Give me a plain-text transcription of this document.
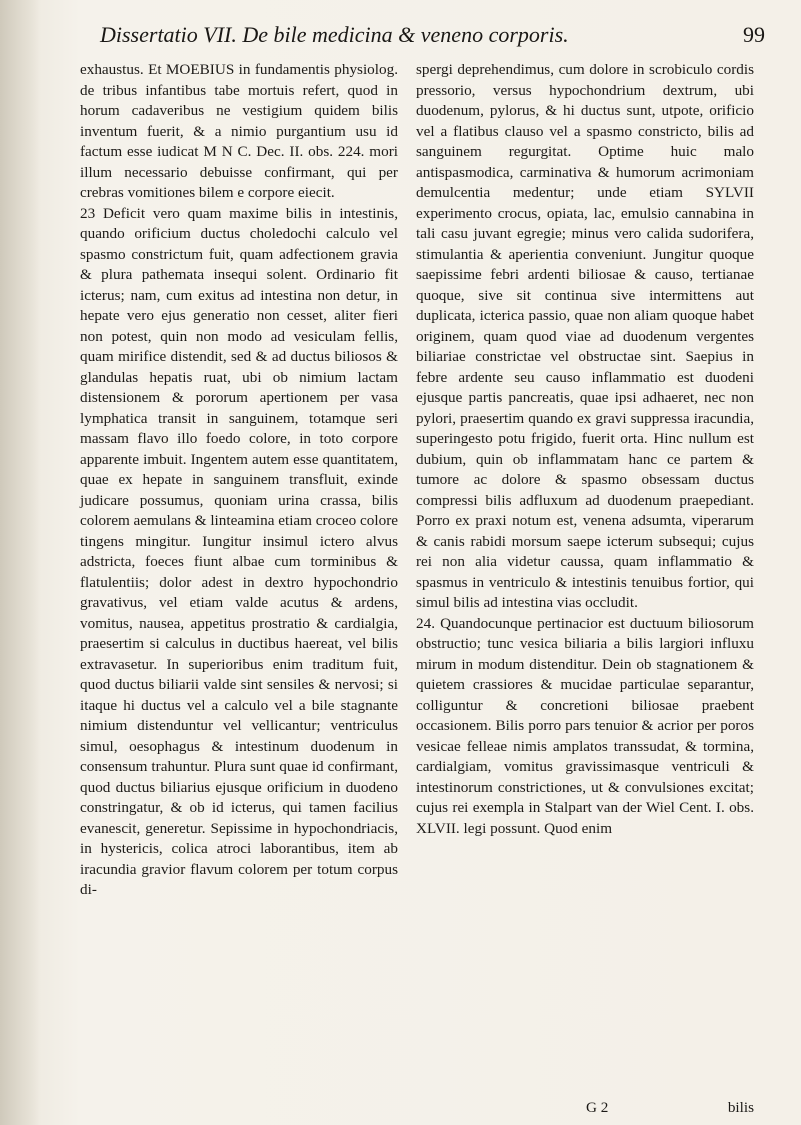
Dissertatio VII. De bile medicina & veneno corporis.	99

exhaustus. Et MOEBIUS in fundamentis physiolog. de tribus infantibus tabe mortuis refert, quod in horum cadaveribus ne vestigium quidem bilis inventum fuerit, & a nimio purgantium usu id factum esse iudicat M N C. Dec. II. obs. 224. mori illum necessario debuisse confirmant, qui per crebras vomitiones bilem e corpore eiecit.

23 Deficit vero quam maxime bilis in intestinis, quando orificium ductus choledochi calculo vel spasmo constrictum fuit, quam adfectionem gravia & plura pathemata insequi solent. Ordinario fit icterus; nam, cum exitus ad intestina non detur, in hepate vero ejus generatio non cesset, aliter fieri non potest, quin non modo ad vesiculam fellis, quam mirifice distendit, sed & ad ductus biliosos & glandulas hepatis ruat, ubi ob nimium lactam distensionem & pororum apertionem per vasa lymphatica transit in sanguinem, totamque seri massam flavo illo foedo colore, in toto corpore apparente imbuit. Ingentem autem esse quantitatem, quae ex hepate in sanguinem transfluit, exinde judicare possumus, quoniam urina crassa, bilis colorem aemulans & linteamina etiam croceo colore tingens mingitur. Iungitur insimul ictero alvus adstricta, foeces fiunt albae cum torminibus & flatulentiis; dolor adest in dextro hypochondrio gravativus, vel etiam valde acutus & ardens, vomitus, nausea, appetitus prostratio & cardialgia, praesertim si calculus in ductibus haereat, vel bilis extravasetur. In superioribus enim traditum fuit, quod ductus biliarii valde sint sensiles & nervosi; si itaque hi ductus vel a calculo vel a bile stagnante nimium distenduntur vel vellicantur; ventriculus simul, oesophagus & intestinum duodenum in consensum trahuntur. Plura sunt quae id confirmant, quod ductus biliarius ejusque orificium in duodeno constringatur, & ob id icterus, qui tamen facilius evanescit, generetur. Sepissime in hypochondriacis, in hystericis, colica atroci laborantibus, item ab iracundia gravior flavum colorem per totum corpus di-

spergi deprehendimus, cum dolore in scrobiculo cordis pressorio, versus hypochondrium dextrum, ubi duodenum, pylorus, & hi ductus sunt, utpote, orificio vel a flatibus clauso vel a spasmo constricto, bilis ad sanguinem regurgitat. Optime huic malo antispasmodica, carminativa & humorum acrimoniam demulcentia medentur; unde etiam SYLVII experimento crocus, opiata, lac, emulsio cannabina in tali casu juvant egregie; minus vero calida sudorifera, stimulantia & aperientia conveniunt. Jungitur quoque saepissime febri ardenti biliosae & causo, tertianae quoque, sive sit continua sive intermittens aut duplicata, icterica passio, quae non aliam quoque habet originem, quam quod viae ad duodenum vergentes biliariae constrictae vel obstructae sint. Saepius in febre ardente seu causo inflammatio est duodeni ejusque partis pancreatis, quae ipsi adhaeret, nec non pylori, praesertim quando ex gravi suppressa iracundia, superingesto potu frigido, fuerit orta. Hinc nullum est dubium, quin ob inflammatam hanc ce partem & tumore ac dolore & spasmo obsessam ductus compressi bilis adfluxum ad duodenum praepediant. Porro ex praxi notum est, venena adsumta, viperarum & canis rabidi morsum saepe icterum subsequi; cujus rei non alia videtur caussa, quam inflammatio & spasmus in ventriculo & intestinis tenuibus fortior, qui simul bilis ad intestina vias occludit.

24. Quandocunque pertinacior est ductuum biliosorum obstructio; tunc vesica biliaria a bilis largiori influxu mirum in modum distenditur. Dein ob stagnationem & quietem crassiores & mucidae particulae separantur, colliguntur & concretioni biliosae praebent occasionem. Bilis porro pars tenuior & acrior per poros vesicae felleae nimis amplatos transsudat, & tormina, cardialgiam, vomitus gravissimasque ventriculi & intestinorum constrictiones, ut & convulsiones excitat; cujus rei exempla in Stalpart van der Wiel Cent. I. obs. XLVII. legi possunt. Quod enim

G 2	bilis
